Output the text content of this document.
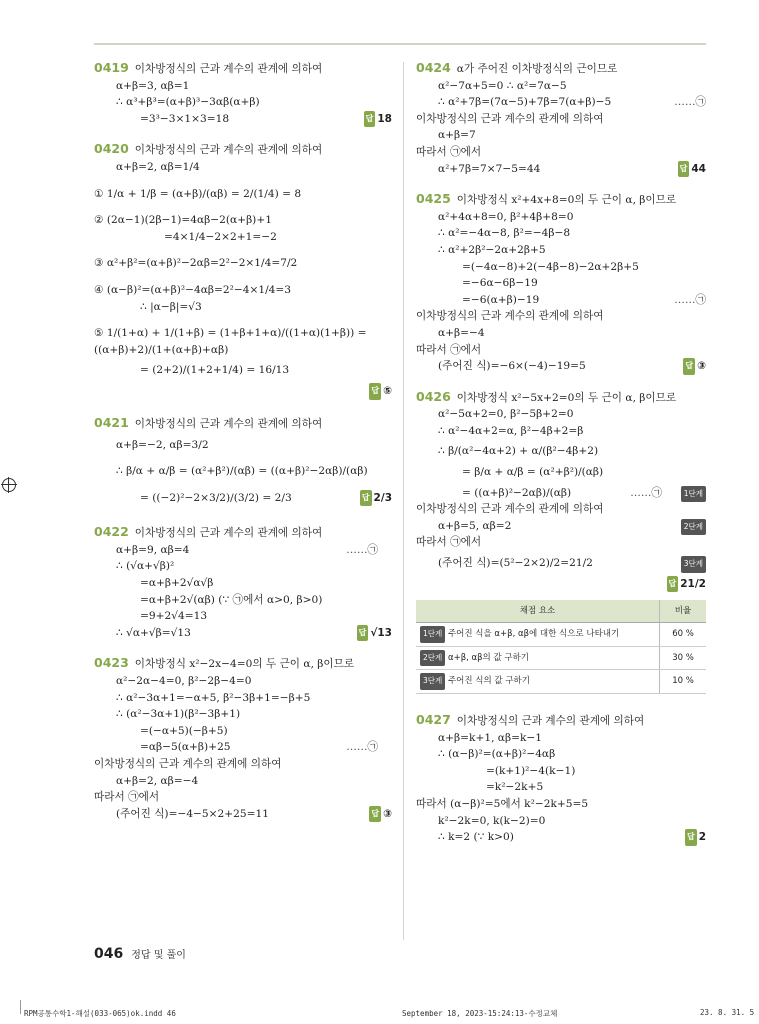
0419 이차방정식의 근과 계수의 관계에 의하여
α+β=3, αβ=1
∴ α³+β³=(α+β)³−3αβ(α+β)
=3³−3×1×3=18	답 18
0420 이차방정식의 근과 계수의 관계에 의하여
α+β=2, αβ=1/4
① 1/α + 1/β = (α+β)/(αβ) = 2/(1/4) = 8
② (2α−1)(2β−1)=4αβ−2(α+β)+1
=4×1/4−2×2+1=−2
③ α²+β²=(α+β)²−2αβ=2²−2×1/4=7/2
④ (α−β)²=(α+β)²−4αβ=2²−4×1/4=3
∴ |α−β|=√3
⑤ 1/(1+α) + 1/(1+β) = (1+β+1+α)/((1+α)(1+β)) = ((α+β)+2)/(1+(α+β)+αβ)
= (2+2)/(1+2+1/4) = 16/13
답 ⑤
0421 이차방정식의 근과 계수의 관계에 의하여
α+β=−2, αβ=3/2
∴ β/α + α/β = (α²+β²)/(αβ) = ((α+β)²−2αβ)/(αβ)
= ((−2)²−2×3/2)/(3/2) = 2/3	답 2/3
0422 이차방정식의 근과 계수의 관계에 의하여
α+β=9, αβ=4	……㉠
∴ (√α+√β)²
=α+β+2√α√β
=α+β+2√(αβ) (∵ ㉠에서 α>0, β>0)
=9+2√4=13
∴ √α+√β=√13	답 √13
0423 이차방정식 x²−2x−4=0의 두 근이 α, β이므로
α²−2α−4=0, β²−2β−4=0
∴ α²−3α+1=−α+5, β²−3β+1=−β+5
∴ (α²−3α+1)(β²−3β+1)
=(−α+5)(−β+5)
=αβ−5(α+β)+25	……㉠
이차방정식의 근과 계수의 관계에 의하여
α+β=2, αβ=−4
따라서 ㉠에서
(주어진 식)=−4−5×2+25=11	답 ③
0424 α가 주어진 이차방정식의 근이므로
α²−7α+5=0 ∴ α²=7α−5
∴ α²+7β=(7α−5)+7β=7(α+β)−5	……㉠
이차방정식의 근과 계수의 관계에 의하여
α+β=7
따라서 ㉠에서
α²+7β=7×7−5=44	답 44
0425 이차방정식 x²+4x+8=0의 두 근이 α, β이므로
α²+4α+8=0, β²+4β+8=0
∴ α²=−4α−8, β²=−4β−8
∴ α²+2β²−2α+2β+5
=(−4α−8)+2(−4β−8)−2α+2β+5
=−6α−6β−19
=−6(α+β)−19	……㉠
이차방정식의 근과 계수의 관계에 의하여
α+β=−4
따라서 ㉠에서
(주어진 식)=−6×(−4)−19=5	답 ③
0426 이차방정식 x²−5x+2=0의 두 근이 α, β이므로
α²−5α+2=0, β²−5β+2=0
∴ α²−4α+2=α, β²−4β+2=β
∴ β/(α²−4α+2) + α/(β²−4β+2)
= β/α + α/β = (α²+β²)/(αβ)
= ((α+β)²−2αβ)/(αβ)	……㉠	1단계
이차방정식의 근과 계수의 관계에 의하여
α+β=5, αβ=2	2단계
따라서 ㉠에서
(주어진 식)=(5²−2×2)/2=21/2	3단계
답 21/2
채점 요소	비율
1단계 주어진 식을 α+β, αβ에 대한 식으로 나타내기	60 %
2단계 α+β, αβ의 값 구하기	30 %
3단계 주어진 식의 값 구하기	10 %
0427 이차방정식의 근과 계수의 관계에 의하여
α+β=k+1, αβ=k−1
∴ (α−β)²=(α+β)²−4αβ
=(k+1)²−4(k−1)
=k²−2k+5
따라서 (α−β)²=5에서 k²−2k+5=5
k²−2k=0, k(k−2)=0
∴ k=2 (∵ k>0)	답 2
046 정답 및 풀이
RPM공통수학1-해설(033-065)ok.indd 46	September 18, 2023-15:24:13-수정교체	23. 8. 31. 5
